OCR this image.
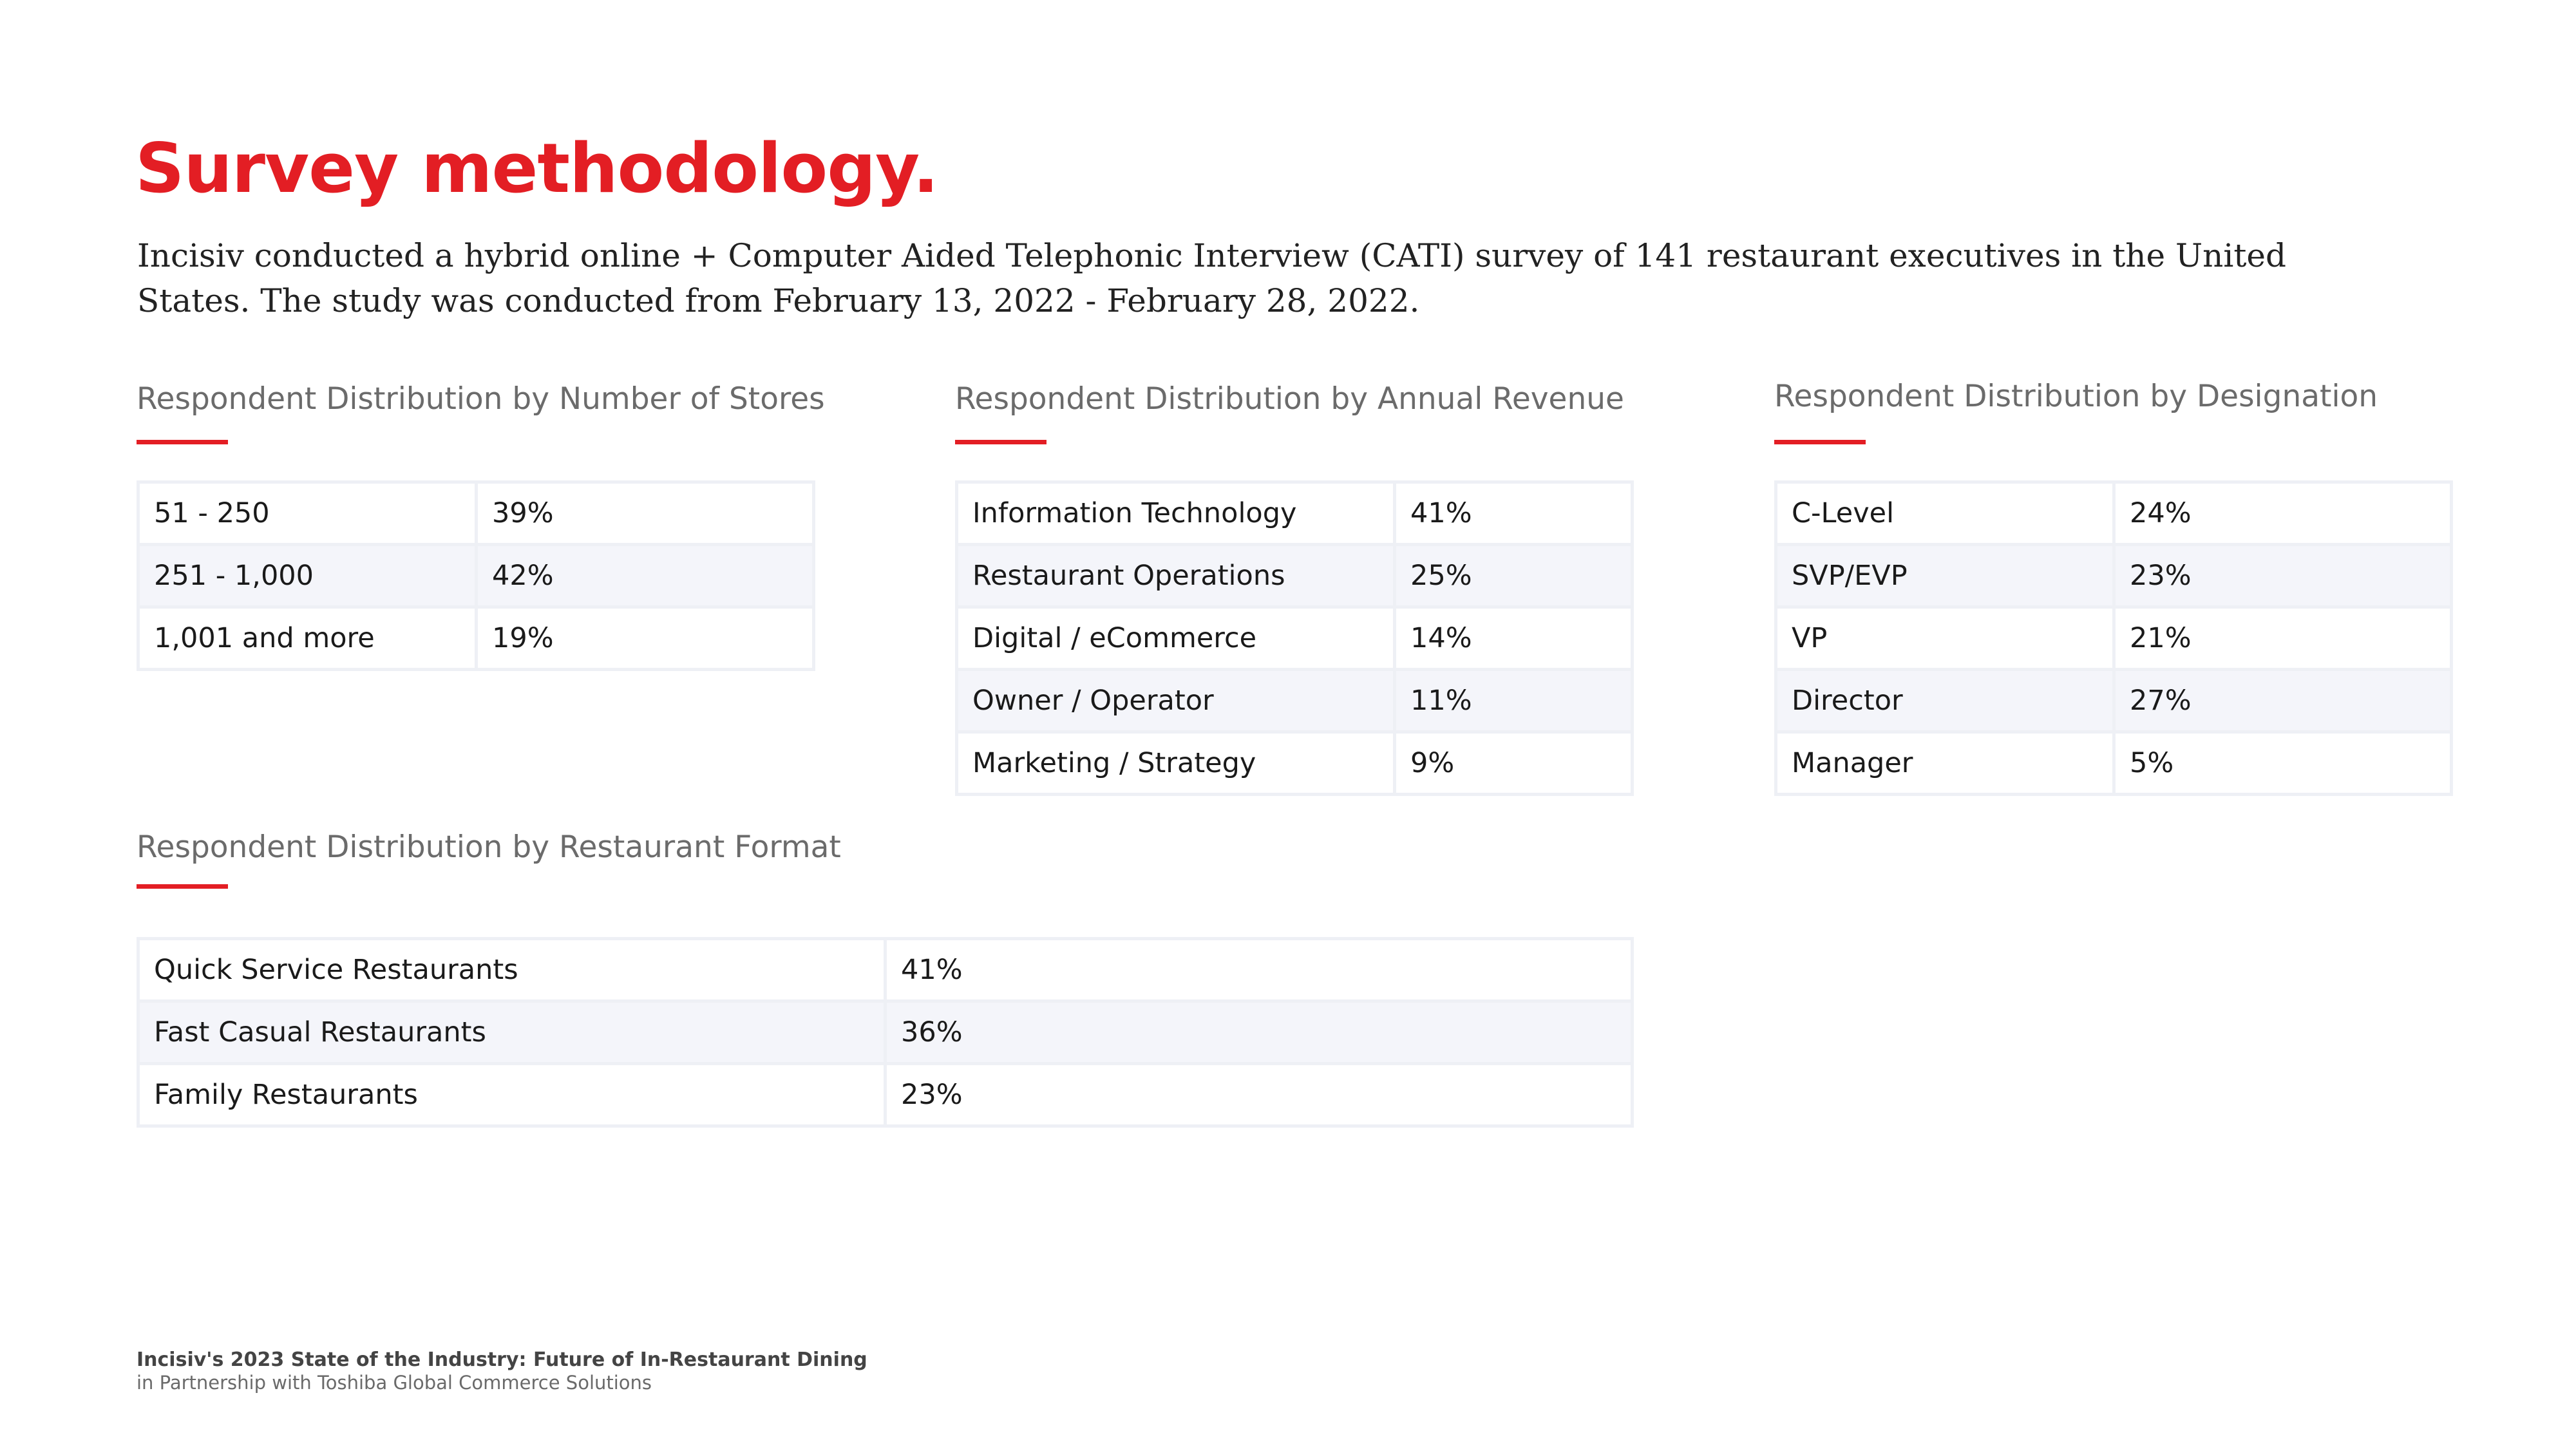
Survey methodology.

Incisiv conducted a hybrid online + Computer Aided Telephonic Interview (CATI) survey of 141 restaurant executives in the United States. The study was conducted from February 13, 2022 - February 28, 2022.

Respondent Distribution by Number of Stores
51 - 250	39%
251 - 1,000	42%
1,001 and more	19%
Respondent Distribution by Annual Revenue
Information Technology	41%
Restaurant Operations	25%
Digital / eCommerce	14%
Owner / Operator	11%
Marketing / Strategy	9%
Respondent Distribution by Designation
C-Level	24%
SVP/EVP	23%
VP	21%
Director	27%
Manager	5%
Respondent Distribution by Restaurant Format
Quick Service Restaurants	41%
Fast Casual Restaurants	36%
Family Restaurants	23%

Incisiv's 2023 State of the Industry: Future of In-Restaurant Dining

in Partnership with Toshiba Global Commerce Solutions
